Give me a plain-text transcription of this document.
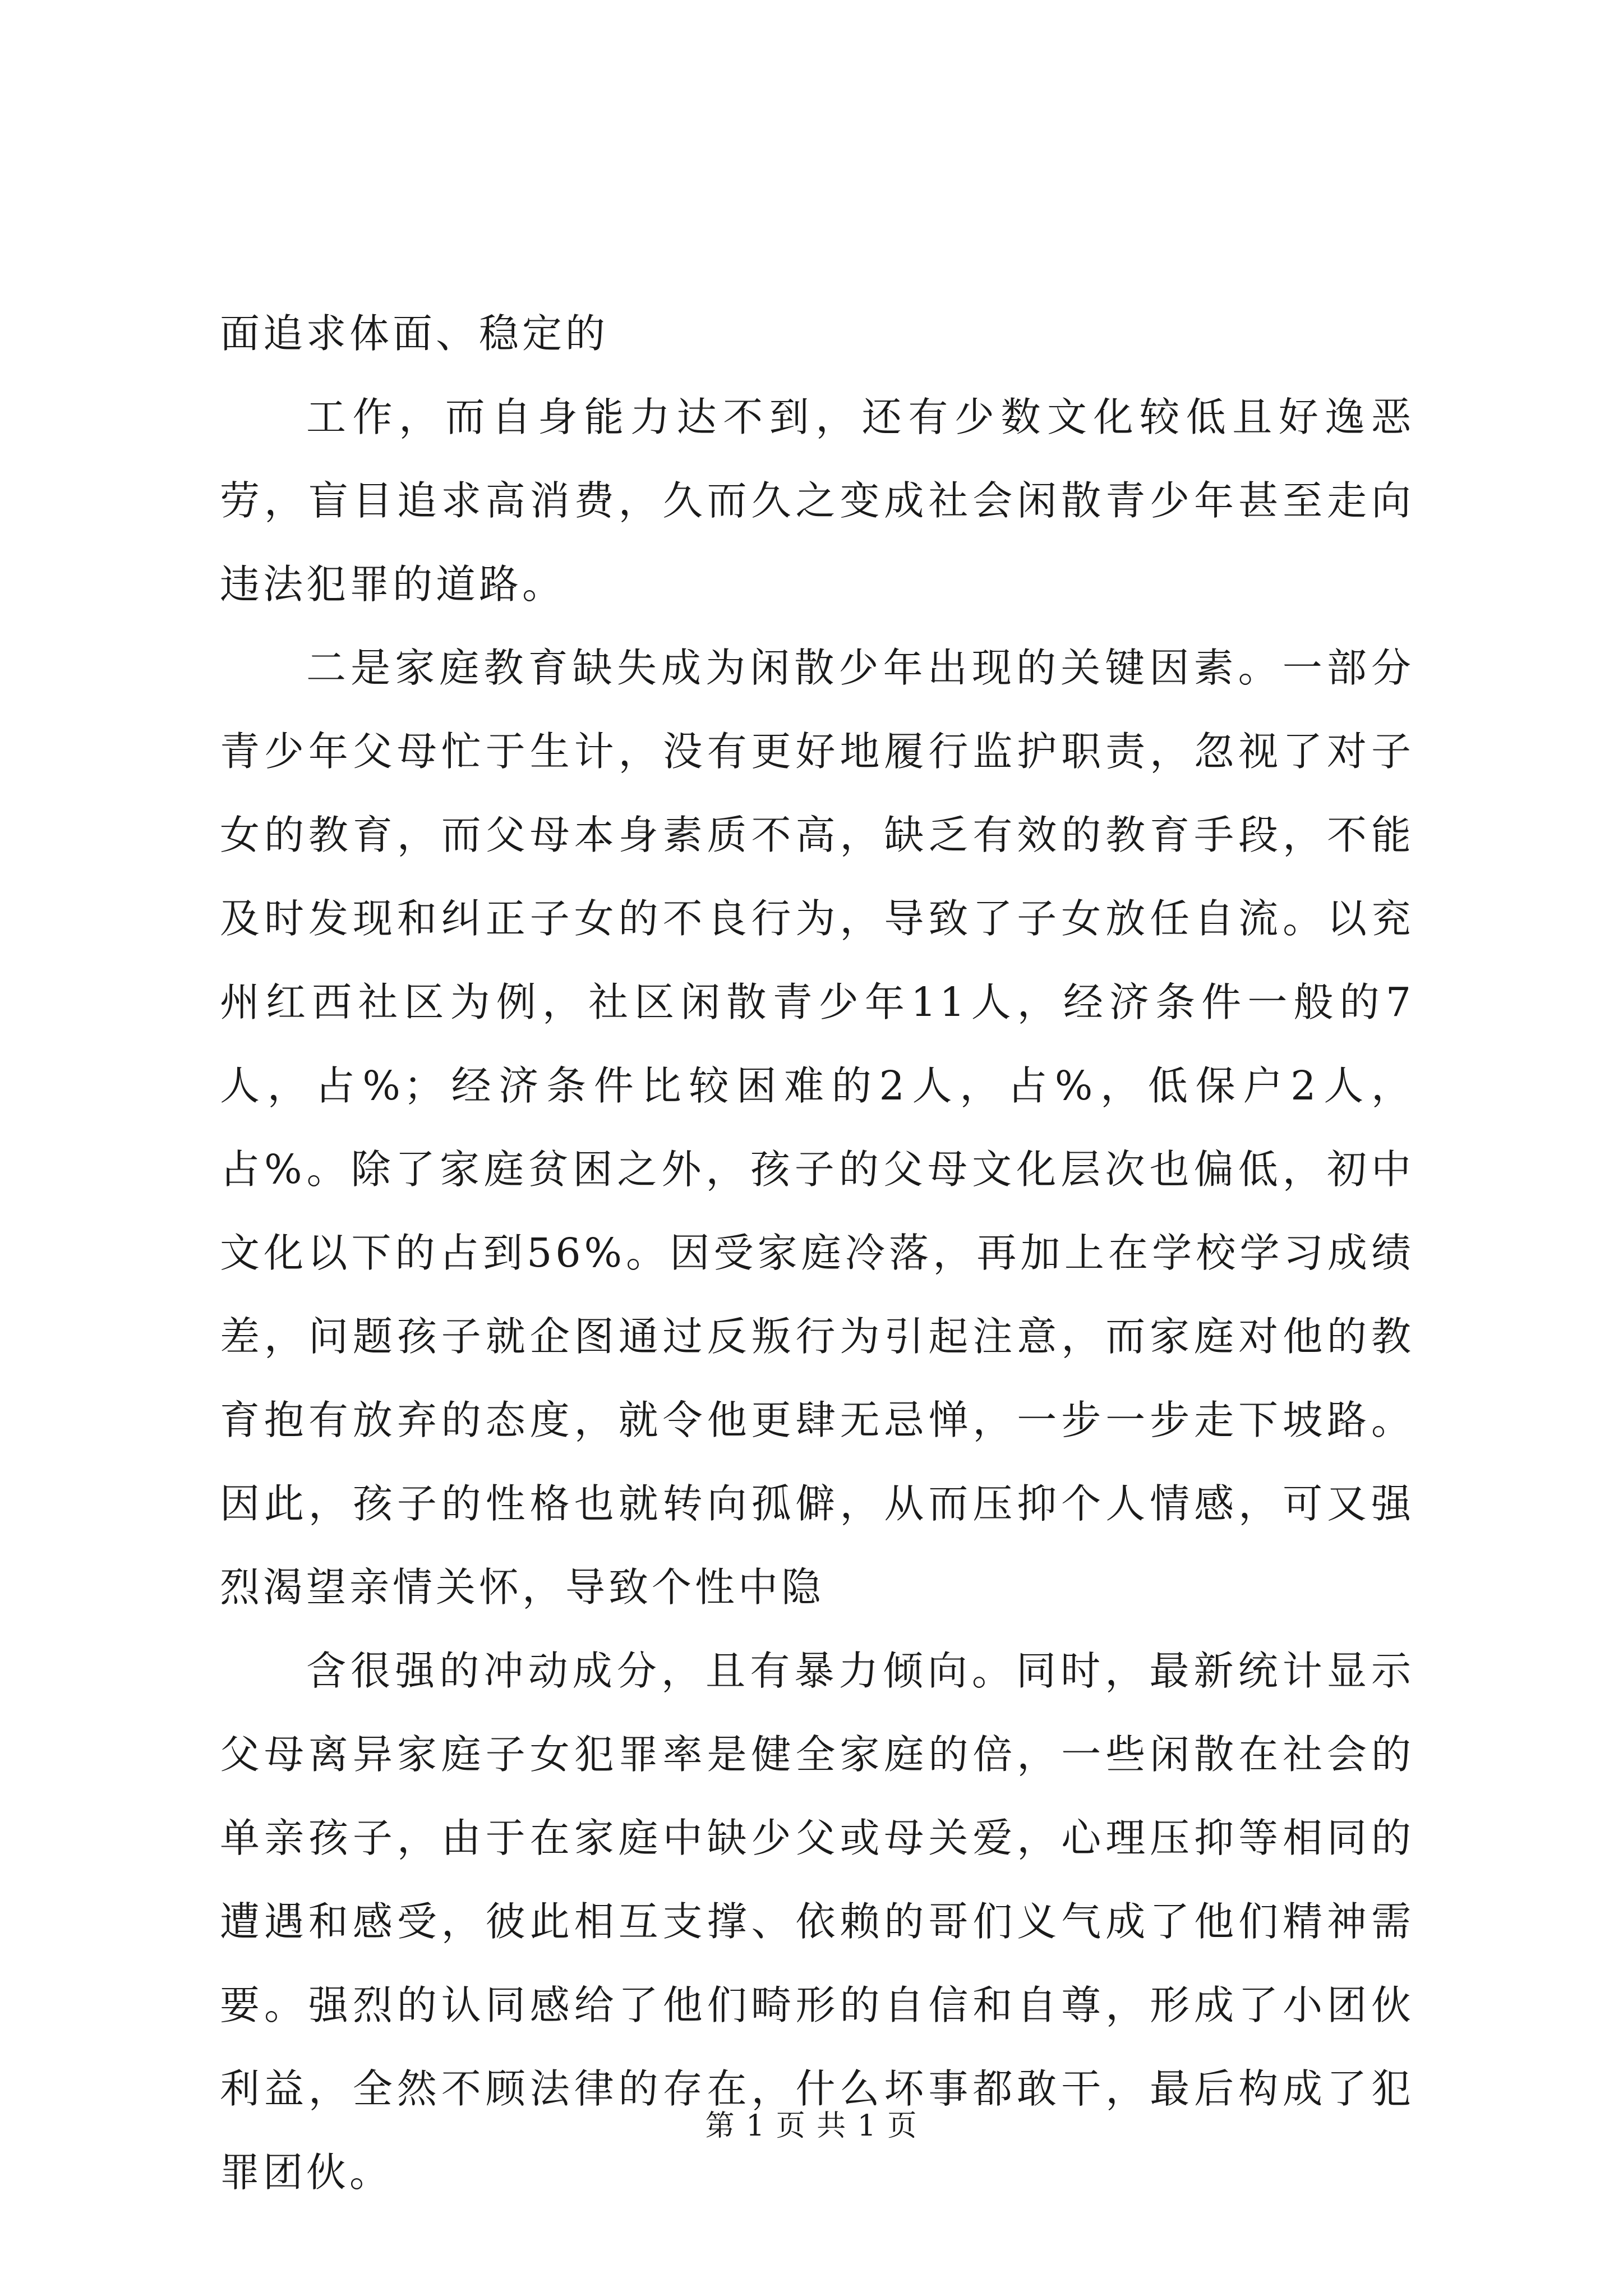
面追求体面、稳定的

工作，而自身能力达不到，还有少数文化较低且好逸恶劳，盲目追求高消费，久而久之变成社会闲散青少年甚至走向违法犯罪的道路。

二是家庭教育缺失成为闲散少年出现的关键因素。一部分青少年父母忙于生计，没有更好地履行监护职责，忽视了对子女的教育，而父母本身素质不高，缺乏有效的教育手段，不能及时发现和纠正子女的不良行为，导致了子女放任自流。以兖州红西社区为例，社区闲散青少年11人，经济条件一般的7人，占%；经济条件比较困难的2人，占%，低保户2人，占%。除了家庭贫困之外，孩子的父母文化层次也偏低，初中文化以下的占到56%。因受家庭冷落，再加上在学校学习成绩差，问题孩子就企图通过反叛行为引起注意，而家庭对他的教育抱有放弃的态度，就令他更肆无忌惮，一步一步走下坡路。因此，孩子的性格也就转向孤僻，从而压抑个人情感，可又强烈渴望亲情关怀，导致个性中隐

含很强的冲动成分，且有暴力倾向。同时，最新统计显示父母离异家庭子女犯罪率是健全家庭的倍，一些闲散在社会的单亲孩子，由于在家庭中缺少父或母关爱，心理压抑等相同的遭遇和感受，彼此相互支撑、依赖的哥们义气成了他们精神需要。强烈的认同感给了他们畸形的自信和自尊，形成了小团伙利益，全然不顾法律的存在，什么坏事都敢干，最后构成了犯罪团伙。

第 1 页 共 1 页
